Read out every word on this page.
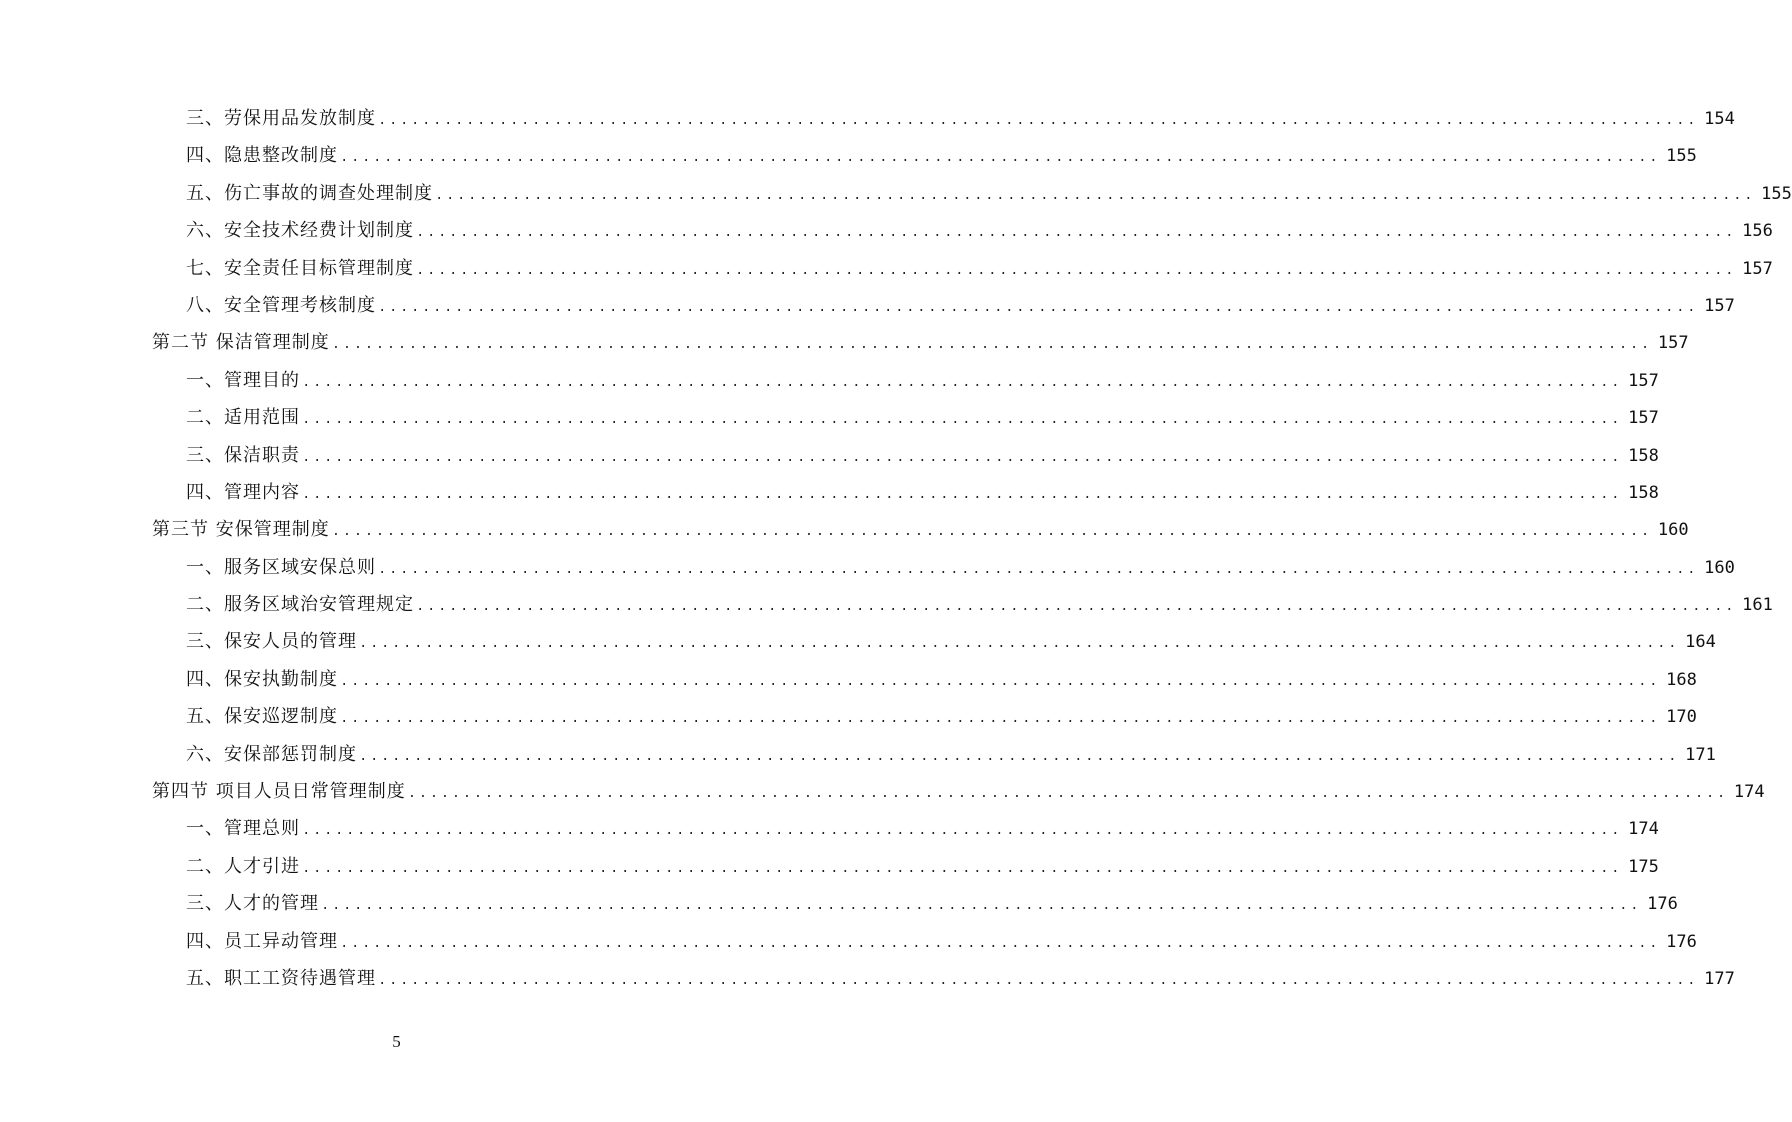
三、劳保用品发放制度 ........................................................................................................................ 154
四、隐患整改制度 ........................................................................................................................ 155
五、伤亡事故的调查处理制度 ........................................................................................................................ 155
六、安全技术经费计划制度 ........................................................................................................................ 156
七、安全责任目标管理制度 ........................................................................................................................ 157
八、安全管理考核制度 ........................................................................................................................ 157
第二节 保洁管理制度 ........................................................................................................................ 157
一、管理目的 ........................................................................................................................ 157
二、适用范围 ........................................................................................................................ 157
三、保洁职责 ........................................................................................................................ 158
四、管理内容 ........................................................................................................................ 158
第三节 安保管理制度 ........................................................................................................................ 160
一、服务区域安保总则 ........................................................................................................................ 160
二、服务区域治安管理规定 ........................................................................................................................ 161
三、保安人员的管理 ........................................................................................................................ 164
四、保安执勤制度 ........................................................................................................................ 168
五、保安巡逻制度 ........................................................................................................................ 170
六、安保部惩罚制度 ........................................................................................................................ 171
第四节 项目人员日常管理制度 ........................................................................................................................ 174
一、管理总则 ........................................................................................................................ 174
二、人才引进 ........................................................................................................................ 175
三、人才的管理 ........................................................................................................................ 176
四、员工异动管理 ........................................................................................................................ 176
五、职工工资待遇管理 ........................................................................................................................ 177
5
